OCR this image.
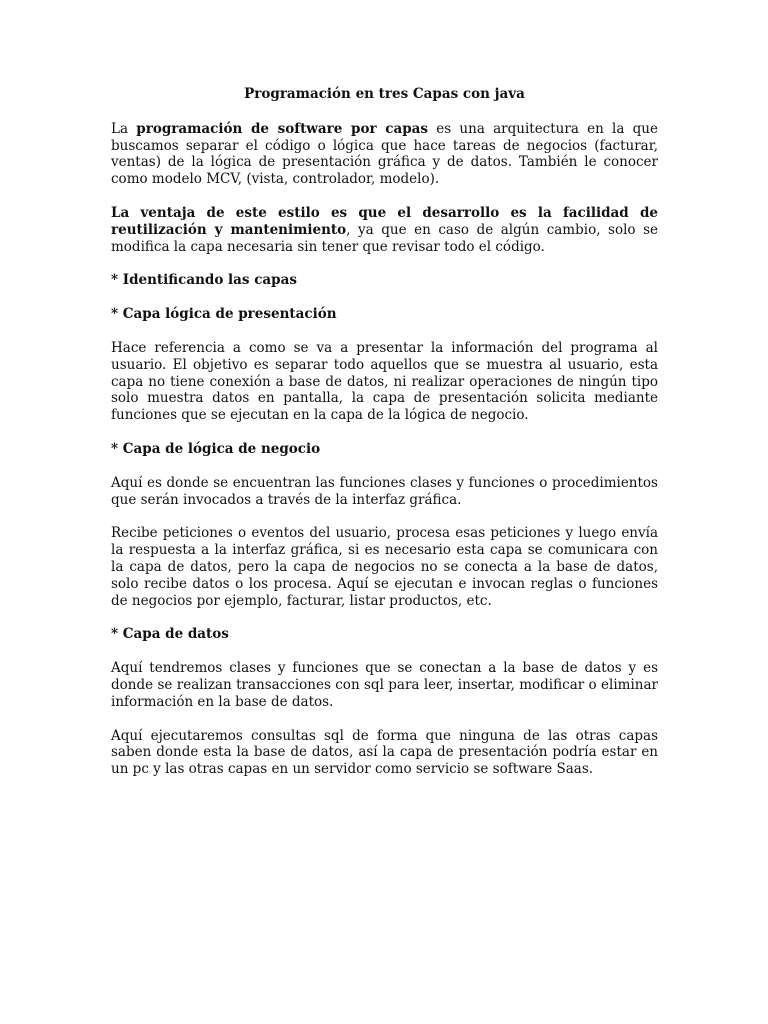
Programación en tres Capas con java

La programación de software por capas es una arquitectura en la que buscamos separar el código o lógica que hace tareas de negocios (facturar, ventas) de la lógica de presentación gráfica y de datos. También le conocer como modelo MCV, (vista, controlador, modelo).

La ventaja de este estilo es que el desarrollo es la facilidad de reutilización y mantenimiento, ya que en caso de algún cambio, solo se modifica la capa necesaria sin tener que revisar todo el código.

* Identificando las capas
* Capa lógica de presentación

Hace referencia a como se va a presentar la información del programa al usuario. El objetivo es separar todo aquellos que se muestra al usuario, esta capa no tiene conexión a base de datos, ni realizar operaciones de ningún tipo solo muestra datos en pantalla, la capa de presentación solicita mediante funciones que se ejecutan en la capa de la lógica de negocio.

* Capa de lógica de negocio

Aquí es donde se encuentran las funciones clases y funciones o procedimientos que serán invocados a través de la interfaz gráfica.

Recibe peticiones o eventos del usuario, procesa esas peticiones y luego envía la respuesta a la interfaz gráfica, si es necesario esta capa se comunicara con la capa de datos, pero la capa de negocios no se conecta a la base de datos, solo recibe datos o los procesa. Aquí se ejecutan e invocan reglas o funciones de negocios por ejemplo, facturar, listar productos, etc.

* Capa de datos

Aquí tendremos clases y funciones que se conectan a la base de datos y es donde se realizan transacciones con sql para leer, insertar, modificar o eliminar información en la base de datos.

Aquí ejecutaremos consultas sql de forma que ninguna de las otras capas saben donde esta la base de datos, así la capa de presentación podría estar en un pc y las otras capas en un servidor como servicio se software Saas.
